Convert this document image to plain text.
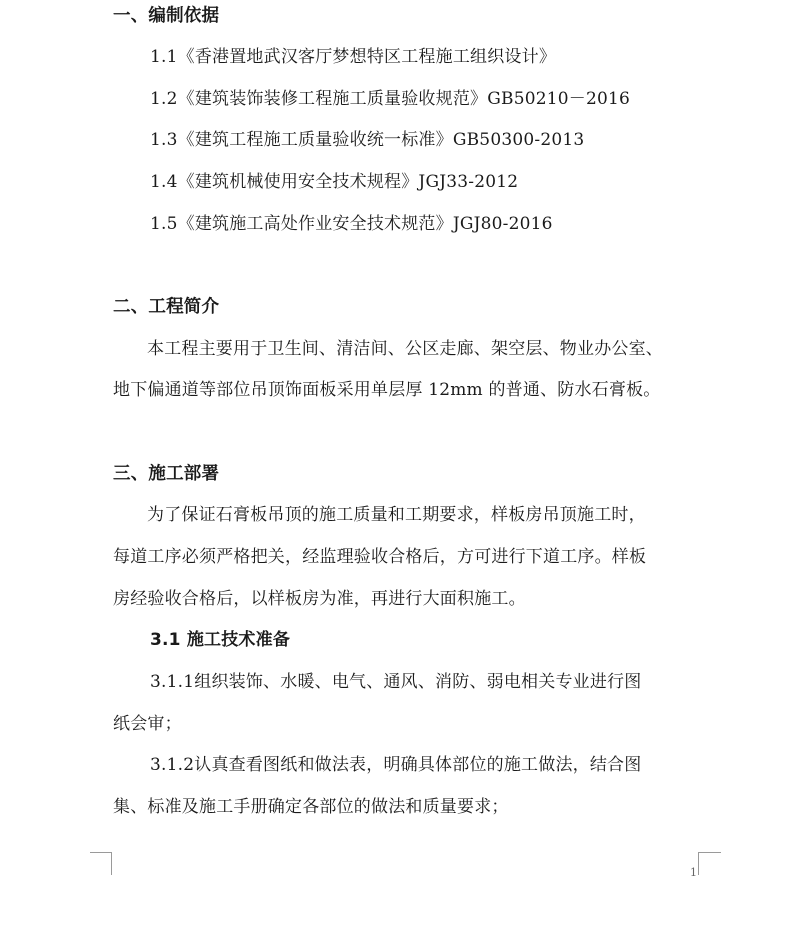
一、编制依据
1.1《香港置地武汉客厅梦想特区工程施工组织设计》
1.2《建筑装饰装修工程施工质量验收规范》GB50210－2016
1.3《建筑工程施工质量验收统一标准》GB50300-2013
1.4《建筑机械使用安全技术规程》JGJ33-2012
1.5《建筑施工高处作业安全技术规范》JGJ80-2016
二、工程简介
本工程主要用于卫生间、清洁间、公区走廊、架空层、物业办公室、
地下偏通道等部位吊顶饰面板采用单层厚 12mm 的普通、防水石膏板。
三、施工部署
为了保证石膏板吊顶的施工质量和工期要求，样板房吊顶施工时，
每道工序必须严格把关，经监理验收合格后，方可进行下道工序。样板
房经验收合格后，以样板房为准，再进行大面积施工。
3.1 施工技术准备
3.1.1组织装饰、水暖、电气、通风、消防、弱电相关专业进行图
纸会审；
3.1.2认真查看图纸和做法表，明确具体部位的施工做法，结合图
集、标准及施工手册确定各部位的做法和质量要求；
1
